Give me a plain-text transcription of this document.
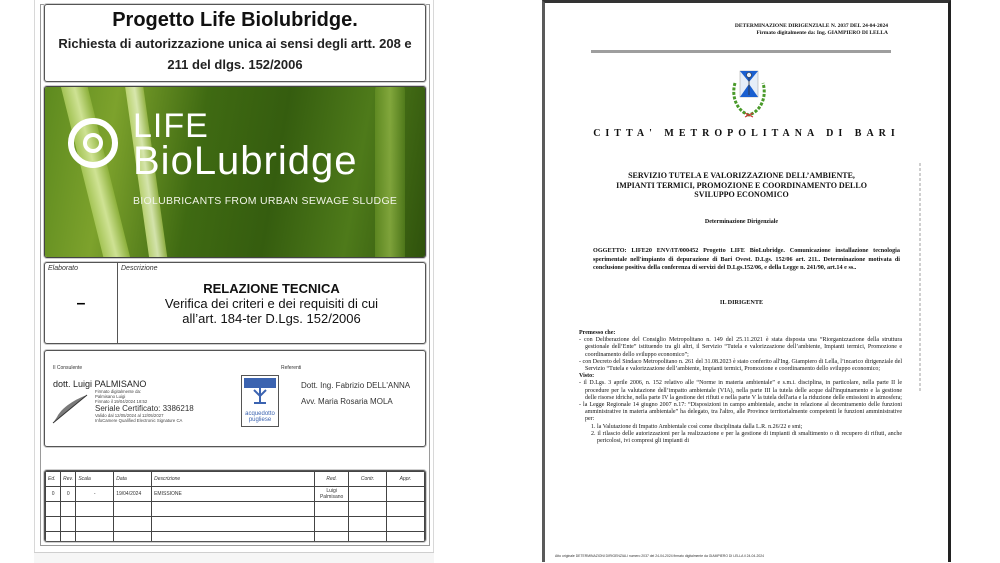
Progetto Life Biolubridge.
Richiesta di autorizzazione unica ai sensi degli artt. 208 e
211 del dlgs. 152/2006
LIFE
BioLubridge
BIOLUBRICANTS FROM URBAN SEWAGE SLUDGE
Elaborato
–
Descrizione
RELAZIONE TECNICA
Verifica dei criteri e dei requisiti di cui
all’art. 184-ter D.Lgs. 152/2006
Il Consulente
dott. Luigi PALMISANO
Firmato digitalmente da:
Palmisano Luigi
Firmato il 19/04/2024 18:52
Seriale Certificato: 3386218
Valido dal 12/05/2024 al 12/05/2027
InfoCamere Qualified Electronic Signature CA
Referenti
acquedotto
pugliese
Dott. Ing. Fabrizio DELL'ANNA
Avv. Maria Rosaria MOLA
Ed.	Rev.	Scala	Data	Descrizione	Red.	Contr.	Appr.
0	0	-	19/04/2024	EMISSIONE	Luigi Palmisano		

DETERMINAZIONE DIRIGENZIALE N. 2037 DEL 24-04-2024
Firmato digitalmente da: Ing. GIAMPIERO DI LELLA
CITTA' METROPOLITANA DI BARI
SERVIZIO TUTELA E VALORIZZAZIONE DELL’AMBIENTE,
IMPIANTI TERMICI, PROMOZIONE E COORDINAMENTO DELLO
SVILUPPO ECONOMICO
Determinazione Dirigenziale
OGGETTO: LIFE20 ENV/IT/000452 Progetto LIFE BioLubridge. Comunicazione installazione tecnologia sperimentale nell'impianto di depurazione di Bari Ovest. D.Lgs. 152/06 art. 211.. Determinazione motivata di conclusione positiva della conferenza di servizi del D.Lgs.152/06, e della Legge n. 241/90, art.14 e ss..
IL DIRIGENTE

Premesso che:

- con Deliberazione del Consiglio Metropolitano n. 149 del 25.11.2021 è stata disposta una “Riorganizzazione della struttura gestionale dell’Ente” istituendo tra gli altri, il Servizio “Tutela e valorizzazione dell’ambiente, Impianti termici, Promozione e coordinamento dello sviluppo economico”;

- con Decreto del Sindaco Metropolitano n. 261 del 31.08.2023 è stato conferito all'Ing. Giampiero di Lella, l’incarico dirigenziale del Servizio “Tutela e valorizzazione dell’ambiente, Impianti termici, Promozione e coordinamento dello sviluppo economico;

Visto:

- il D.Lgs. 3 aprile 2006, n. 152 relativo alle “Norme in materia ambientale” e s.m.i. disciplina, in particolare, nella parte II le procedure per la valutazione dell’impatto ambientale (VIA), nella parte III la tutela delle acque dall'inquinamento e la gestione delle risorse idriche, nella parte IV la gestione dei rifiuti e nella parte V la tutela dell'aria e la riduzione delle emissioni in atmosfera;

- la Legge Regionale 14 giugno 2007 n.17: “Disposizioni in campo ambientale, anche in relazione al decentramento delle funzioni amministrative in materia ambientale” ha delegato, tra l'altro, alle Province territorialmente competenti le funzioni amministrative per:

1. la Valutazione di Impatto Ambientale così come disciplinata dalla L.R. n.26/22 e smi;

2. il rilascio delle autorizzazioni per la realizzazione e per la gestione di impianti di smaltimento o di recupero di rifiuti, anche pericolosi, ivi compresi gli impianti di

Atto originale DETERMINAZIONI DIRIGENZIALI numero 2037 del 24-04-2024 firmato digitalmente da GIAMPIERO DI LELLA il 24-04-2024
